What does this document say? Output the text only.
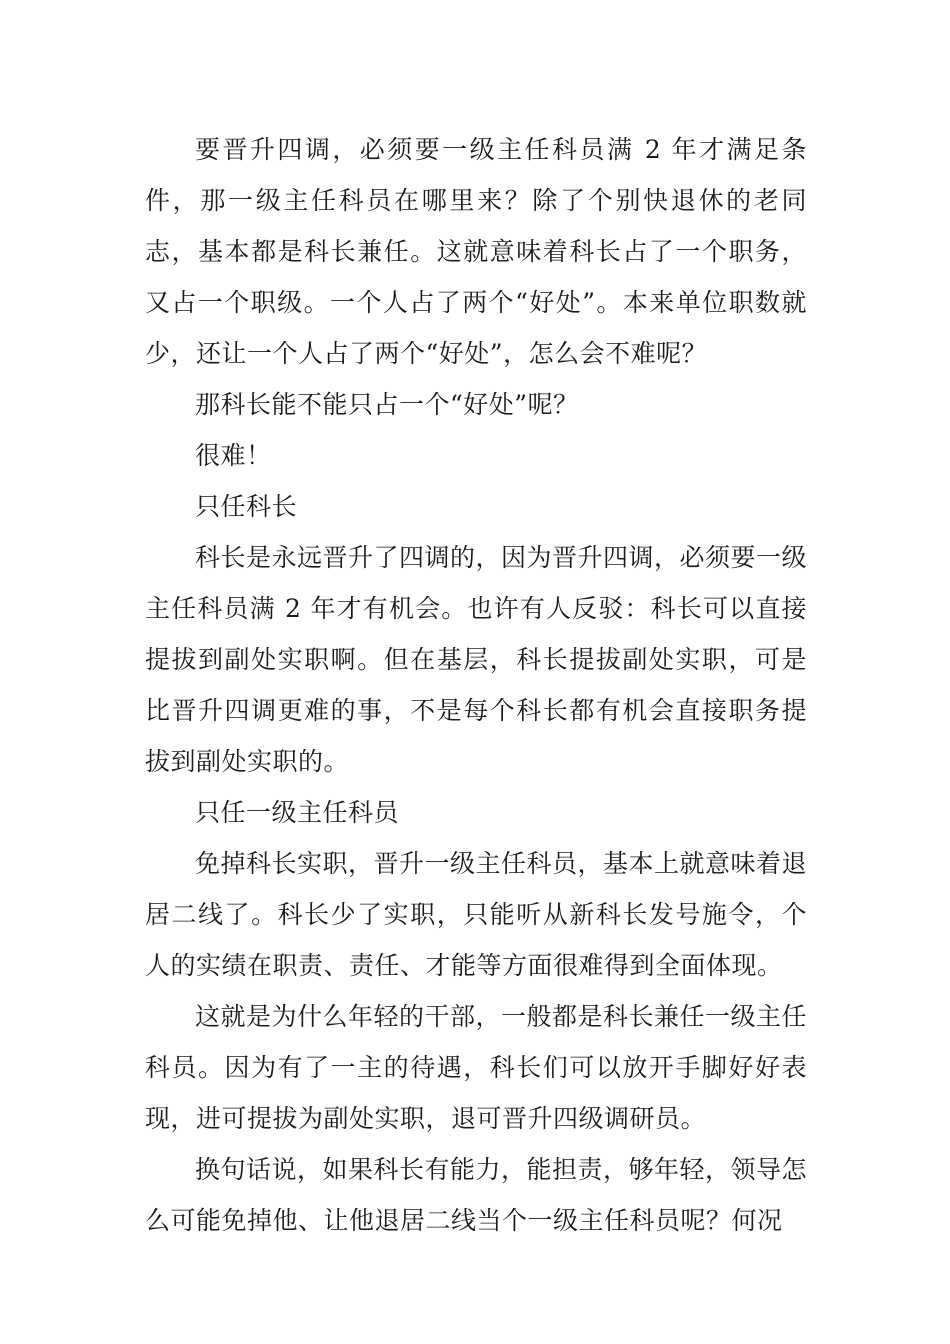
要晋升四调，必须要一级主任科员满 2 年才满足条件，那一级主任科员在哪里来？除了个别快退休的老同志，基本都是科长兼任。这就意味着科长占了一个职务，又占一个职级。一个人占了两个“好处”。本来单位职数就少，还让一个人占了两个“好处”，怎么会不难呢？

那科长能不能只占一个“好处”呢？

很难！

只任科长

科长是永远晋升了四调的，因为晋升四调，必须要一级主任科员满 2 年才有机会。也许有人反驳：科长可以直接提拔到副处实职啊。但在基层，科长提拔副处实职，可是比晋升四调更难的事，不是每个科长都有机会直接职务提拔到副处实职的。

只任一级主任科员

免掉科长实职，晋升一级主任科员，基本上就意味着退居二线了。科长少了实职，只能听从新科长发号施令，个人的实绩在职责、责任、才能等方面很难得到全面体现。

这就是为什么年轻的干部，一般都是科长兼任一级主任科员。因为有了一主的待遇，科长们可以放开手脚好好表现，进可提拔为副处实职，退可晋升四级调研员。

换句话说，如果科长有能力，能担责，够年轻，领导怎么可能免掉他、让他退居二线当个一级主任科员呢？何况
